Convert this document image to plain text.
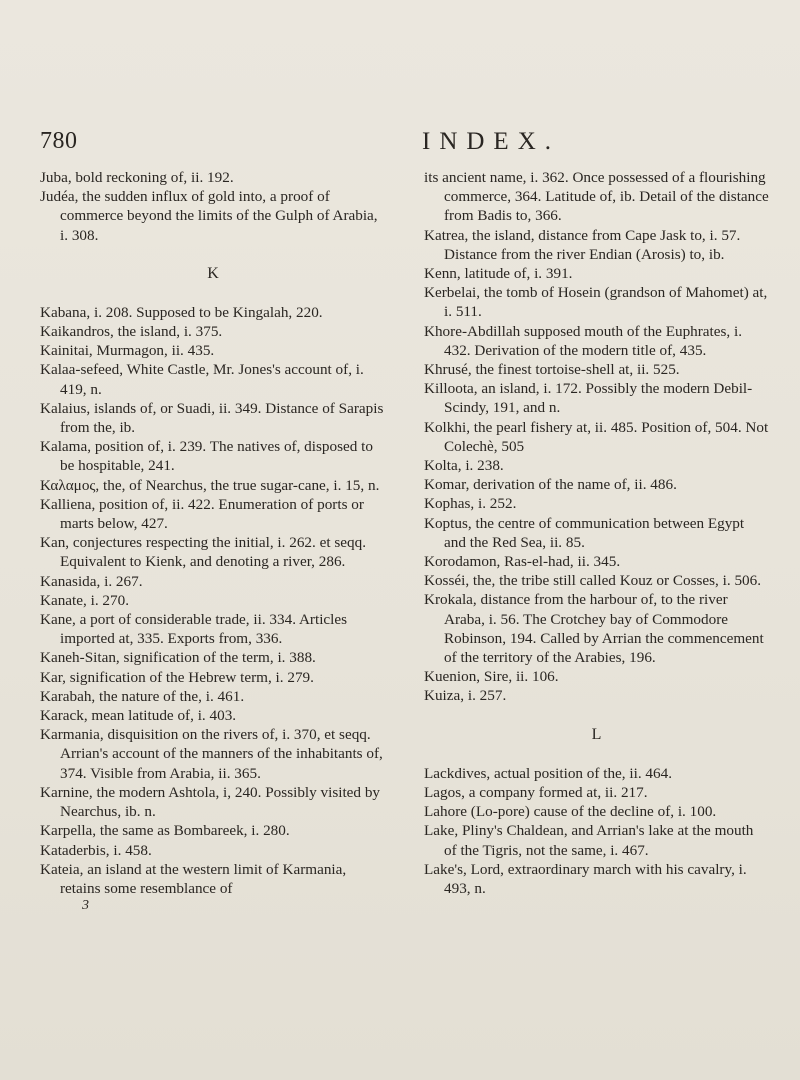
780	INDEX.

Juba, bold reckoning of, ii. 192.

Judéa, the sudden influx of gold into, a proof of commerce beyond the limits of the Gulph of Arabia, i. 308.

K

Kabana, i. 208. Supposed to be Kingalah, 220.

Kaikandros, the island, i. 375.

Kainitai, Murmagon, ii. 435.

Kalaa-sefeed, White Castle, Mr. Jones's account of, i. 419, n.

Kalaius, islands of, or Suadi, ii. 349. Distance of Sarapis from the, ib.

Kalama, position of, i. 239. The natives of, disposed to be hospitable, 241.

Καλαμος, the, of Nearchus, the true sugar-cane, i. 15, n.

Kalliena, position of, ii. 422. Enumeration of ports or marts below, 427.

Kan, conjectures respecting the initial, i. 262. et seqq. Equivalent to Kienk, and denoting a river, 286.

Kanasida, i. 267.

Kanate, i. 270.

Kane, a port of considerable trade, ii. 334. Articles imported at, 335. Exports from, 336.

Kaneh-Sitan, signification of the term, i. 388.

Kar, signification of the Hebrew term, i. 279.

Karabah, the nature of the, i. 461.

Karack, mean latitude of, i. 403.

Karmania, disquisition on the rivers of, i. 370, et seqq. Arrian's account of the manners of the inhabitants of, 374. Visible from Arabia, ii. 365.

Karnine, the modern Ashtola, i, 240. Possibly visited by Nearchus, ib. n.

Karpella, the same as Bombareek, i. 280.

Kataderbis, i. 458.

Kateia, an island at the western limit of Karmania, retains some resemblance of

3

its ancient name, i. 362. Once possessed of a flourishing commerce, 364. Latitude of, ib. Detail of the distance from Badis to, 366.

Katrea, the island, distance from Cape Jask to, i. 57. Distance from the river Endian (Arosis) to, ib.

Kenn, latitude of, i. 391.

Kerbelai, the tomb of Hosein (grandson of Mahomet) at, i. 511.

Khore-Abdillah supposed mouth of the Euphrates, i. 432. Derivation of the modern title of, 435.

Khrusé, the finest tortoise-shell at, ii. 525.

Killoota, an island, i. 172. Possibly the modern Debil-Scindy, 191, and n.

Kolkhi, the pearl fishery at, ii. 485. Position of, 504. Not Colechè, 505

Kolta, i. 238.

Komar, derivation of the name of, ii. 486.

Kophas, i. 252.

Koptus, the centre of communication between Egypt and the Red Sea, ii. 85.

Korodamon, Ras-el-had, ii. 345.

Kosséi, the, the tribe still called Kouz or Cosses, i. 506.

Krokala, distance from the harbour of, to the river Araba, i. 56. The Crotchey bay of Commodore Robinson, 194. Called by Arrian the commencement of the territory of the Arabies, 196.

Kuenion, Sire, ii. 106.

Kuiza, i. 257.

L

Lackdives, actual position of the, ii. 464.

Lagos, a company formed at, ii. 217.

Lahore (Lo-pore) cause of the decline of, i. 100.

Lake, Pliny's Chaldean, and Arrian's lake at the mouth of the Tigris, not the same, i. 467.

Lake's, Lord, extraordinary march with his cavalry, i. 493, n.
